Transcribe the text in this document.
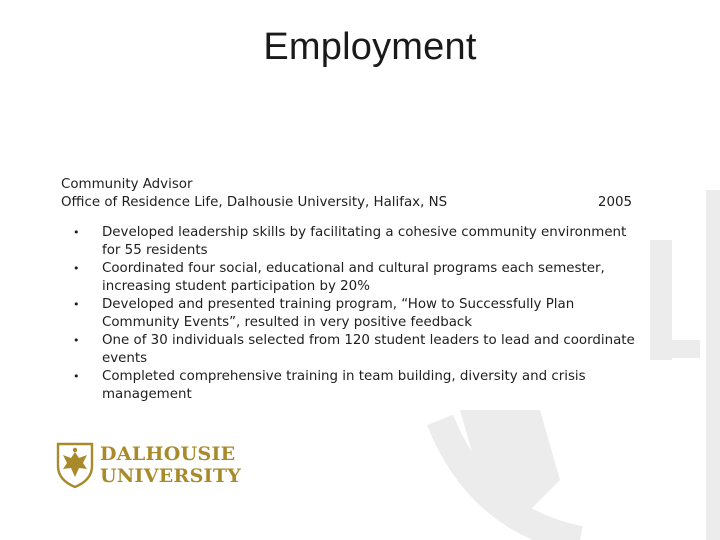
Employment

Community Advisor

Office of Residence Life, Dalhousie University, Halifax, NS	2005

• Developed leadership skills by facilitating a cohesive community environment for 55 residents
• Coordinated four social, educational and cultural programs each semester, increasing student participation by 20%
• Developed and presented training program, “How to Successfully Plan Community Events”, resulted in very positive feedback
• One of 30 individuals selected from 120 student leaders to lead and coordinate events
• Completed comprehensive training in team building, diversity and crisis management
DALHOUSIE
UNIVERSITY
